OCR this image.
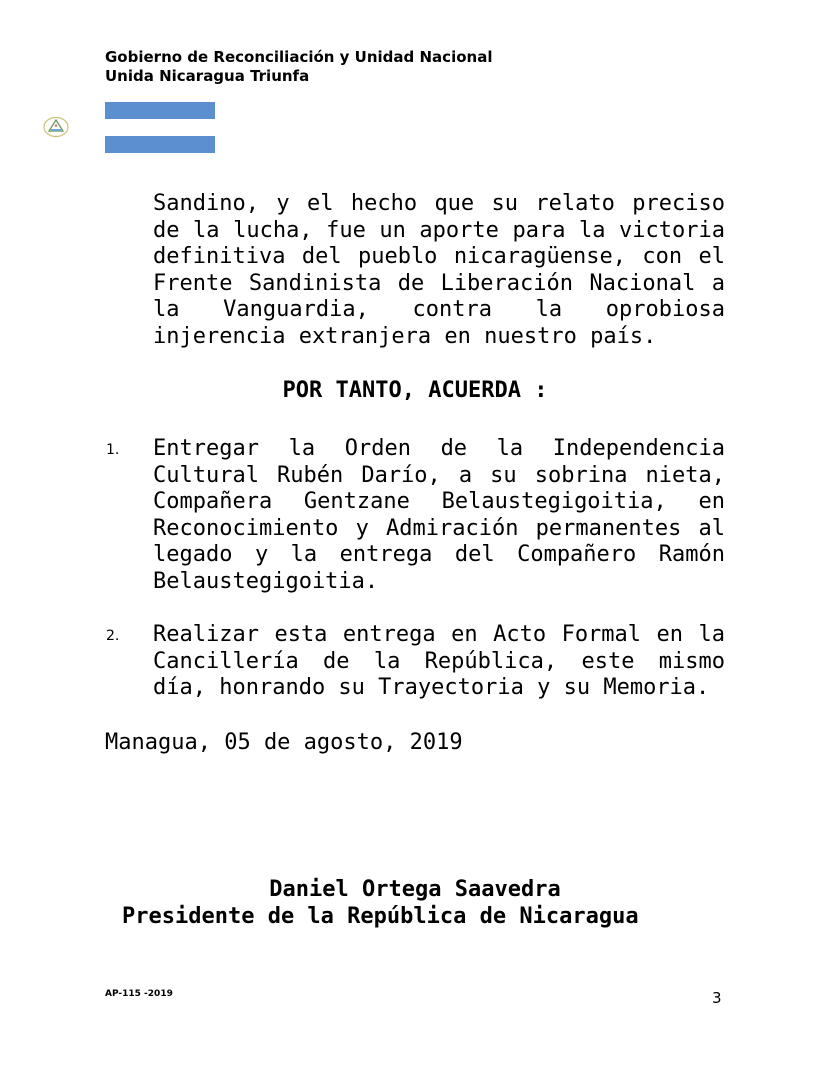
Gobierno de Reconciliación y Unidad Nacional
Unida Nicaragua Triunfa
Sandino, y el hecho que su relato preciso de la lucha, fue un aporte para la victoria definitiva del pueblo nicaragüense, con el Frente Sandinista de Liberación Nacional a la Vanguardia, contra la oprobiosa injerencia extranjera en nuestro país.
POR TANTO, ACUERDA :
1. Entregar la Orden de la Independencia Cultural Rubén Darío, a su sobrina nieta, Compañera Gentzane Belaustegigoitia, en Reconocimiento y Admiración permanentes al legado y la entrega del Compañero Ramón Belaustegigoitia.
2. Realizar esta entrega en Acto Formal en la Cancillería de la República, este mismo día, honrando su Trayectoria y su Memoria.
Managua, 05 de agosto, 2019
Daniel Ortega Saavedra
Presidente de la República de Nicaragua
AP-115 -2019	3
